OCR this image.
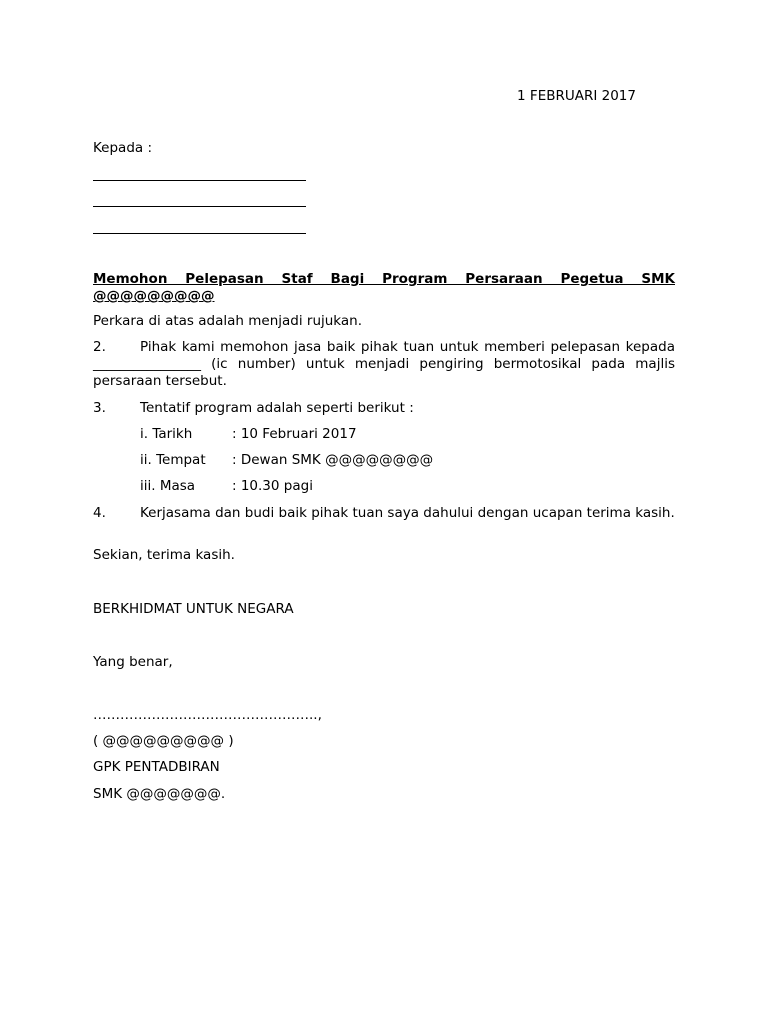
1 FEBRUARI 2017
Kepada :
Memohon Pelepasan Staf Bagi Program Persaraan Pegetua SMK @@@@@@@@@
Perkara di atas adalah menjadi rujukan.
2.	Pihak kami memohon jasa baik pihak tuan untuk memberi pelepasan kepada ________________ (ic number) untuk menjadi pengiring bermotosikal pada majlis persaraan tersebut.
3.	Tentatif program adalah seperti berikut :
i. Tarikh	: 10 Februari 2017
ii. Tempat : Dewan SMK @@@@@@@@
iii. Masa	: 10.30 pagi
4.	Kerjasama dan budi baik pihak tuan saya dahului dengan ucapan terima kasih.
Sekian, terima kasih.
BERKHIDMAT UNTUK NEGARA
Yang benar,
…………………………………………..,
( @@@@@@@@@ )
GPK PENTADBIRAN
SMK @@@@@@@.
